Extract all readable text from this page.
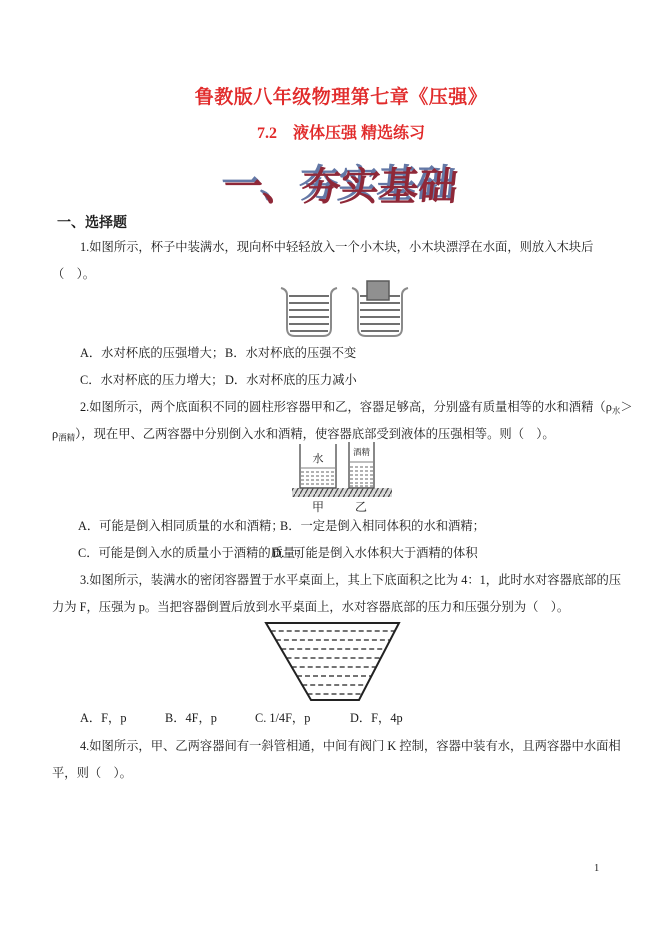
鲁教版八年级物理第七章《压强》
7.2　液体压强 精选练习
一、夯实基础
一、选择题
1.如图所示，杯子中装满水，现向杯中轻轻放入一个小木块，小木块漂浮在水面，则放入木块后
（　）。
A．水对杯底的压强增大； B．水对杯底的压强不变
C．水对杯底的压力增大； D．水对杯底的压力减小
2.如图所示，两个底面积不同的圆柱形容器甲和乙，容器足够高，分别盛有质量相等的水和酒精（$\rho_水>$
$\rho_{酒精}$），现在甲、乙两容器中分别倒入水和酒精，使容器底部受到液体的压强相等。则（　）。
水
酒精
甲	乙
A．可能是倒入相同质量的水和酒精；
B．一定是倒入相同体积的水和酒精；
C．可能是倒入水的质量小于酒精的质量；
D．可能是倒入水体积大于酒精的体积
3.如图所示，装满水的密闭容器置于水平桌面上，其上下底面积之比为 4：1，此时水对容器底部的压
力为 F，压强为 p。当把容器倒置后放到水平桌面上，水对容器底部的压力和压强分别为（　）。
A．F，p	B．4F，p	C. 1/4F，p	D．F，4p
4.如图所示，甲、乙两容器间有一斜管相通，中间有阀门 K 控制，容器中装有水，且两容器中水面相
平，则（　）。
1
